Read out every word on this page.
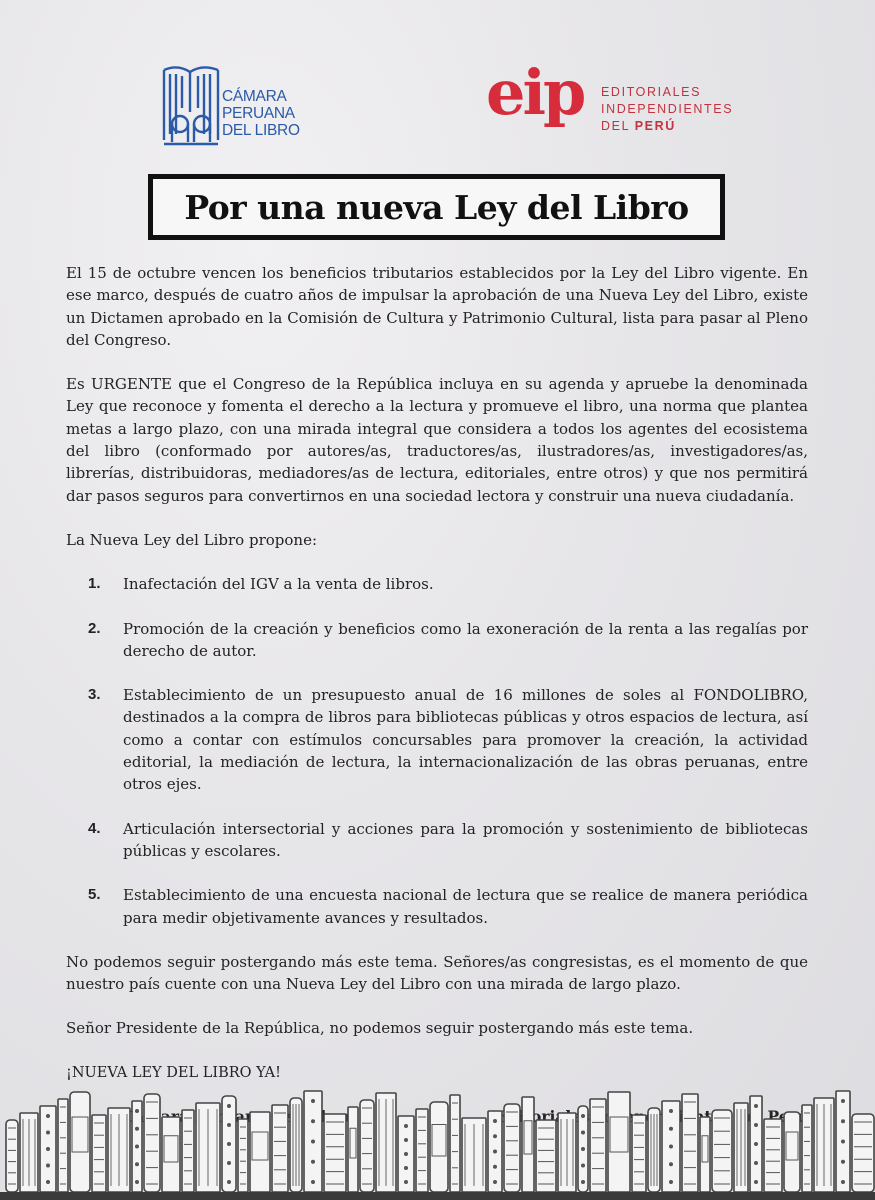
CÁMARA
PERUANA
DEL LIBRO
eip EDITORIALES
INDEPENDIENTES
DEL PERÚ
Por una nueva Ley del Libro

El 15 de octubre vencen los beneficios tributarios establecidos por la Ley del Libro vigente. En ese marco, después de cuatro años de impulsar la aprobación de una Nueva Ley del Libro, existe un Dictamen aprobado en la Comisión de Cultura y Patrimonio Cultural, lista para pasar al Pleno del Congreso.

Es URGENTE que el Congreso de la República incluya en su agenda y apruebe la denominada Ley que reconoce y fomenta el derecho a la lectura y promueve el libro, una norma que plantea metas a largo plazo, con una mirada integral que considera a todos los agentes del ecosistema del libro (conformado por autores/as, traductores/as, ilustradores/as, investigadores/as, librerías, distribuidoras, mediadores/as de lectura, editoriales, entre otros) y que nos permitirá dar pasos seguros para convertirnos en una sociedad lectora y construir una nueva ciudadanía.

La Nueva Ley del Libro propone:

1.	Inafectación del IGV a la venta de libros.
2.	Promoción de la creación y beneficios como la exoneración de la renta a las regalías por derecho de autor.
3.	Establecimiento de un presupuesto anual de 16 millones de soles al FONDOLIBRO, destinados a la compra de libros para bibliotecas públicas y otros espacios de lectura, así como a contar con estímulos concursables para promover la creación, la actividad editorial, la mediación de lectura, la internacionalización de las obras peruanas, entre otros ejes.
4.	Articulación intersectorial y acciones para la promoción y sostenimiento de bibliotecas públicas y escolares.
5.	Establecimiento de una encuesta nacional de lectura que se realice de manera periódica para medir objetivamente avances y resultados.

No podemos seguir postergando más este tema. Señores/as congresistas, es el momento de que nuestro país cuente con una Nueva Ley del Libro con una mirada de largo plazo.

Señor Presidente de la República, no podemos seguir postergando más este tema.

¡NUEVA LEY DEL LIBRO YA!

Editoriales
